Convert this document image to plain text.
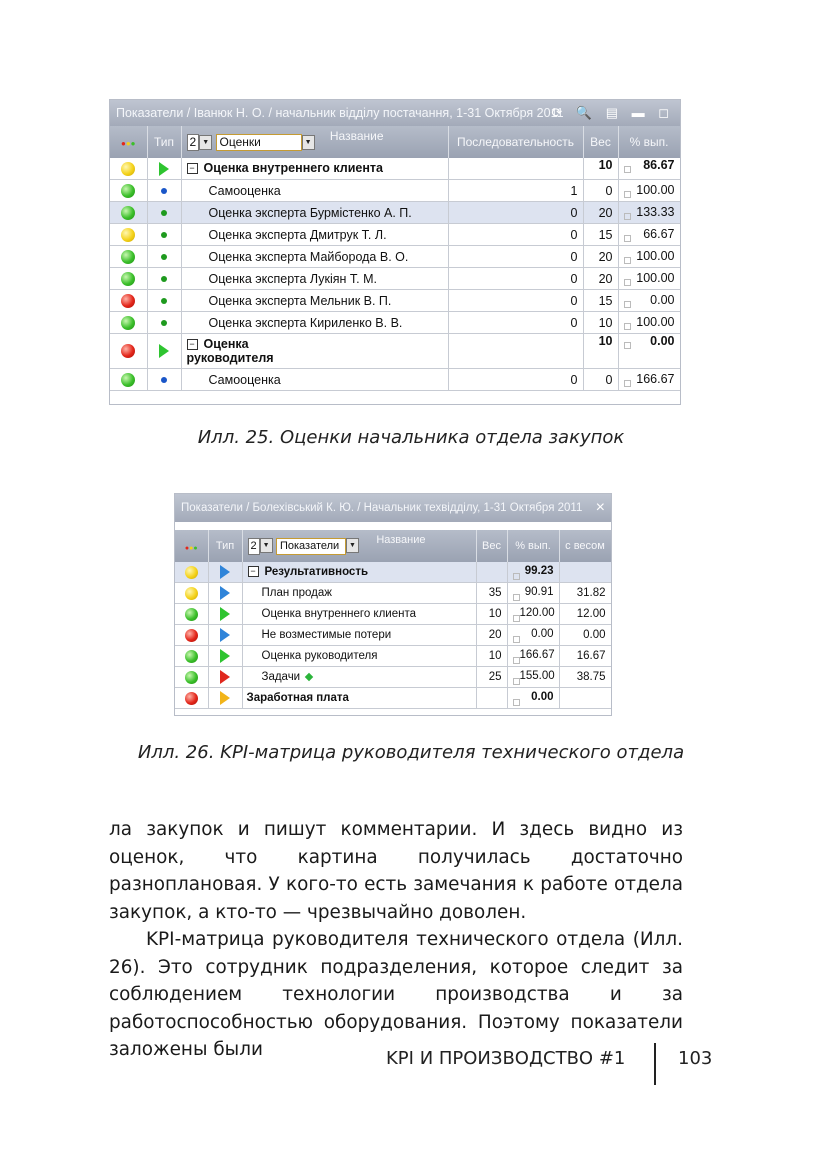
Показатели / Іванюк Н. О. / начальник відділу постачання, 1-31 Октября 2011
⟳ 🔍 ▤ ▬ ◻
●●●	Тип	2 ▼ Оценки ▼ Название	Последовательность	Вес	% вып.
		− Оценка внутреннего клиента		10	86.67
		Самооценка	1	0	100.00
		Оценка эксперта Бурмістенко А. П.	0	20	133.33
		Оценка эксперта Дмитрук Т. Л.	0	15	66.67
		Оценка эксперта Майборода В. О.	0	20	100.00
		Оценка эксперта Лукіян Т. М.	0	20	100.00
		Оценка эксперта Мельник В. П.	0	15	0.00
		Оценка эксперта Кириленко В. В.	0	10	100.00
		− Оценка руководителя		10	0.00
		Самооценка	0	0	166.67
Илл. 25. Оценки начальника отдела закупок
Показатели / Болехівський К. Ю. / Начальник техвідділу, 1-31 Октября 2011 ×
●●●	Тип	2 ▼ Показатели ▼ Название	Вес	% вып.	с весом
		− Результативность		99.23	
		План продаж	35	90.91	31.82
		Оценка внутреннего клиента	10	120.00	12.00
		Не возместимые потери	20	0.00	0.00
		Оценка руководителя	10	166.67	16.67
		Задачи	25	155.00	38.75
		Заработная плата		0.00	
Илл. 26. KPI-матрица руководителя технического отдела

ла закупок и пишут комментарии. И здесь видно из оценок, что картина получилась достаточно разноплановая. У кого-то есть замечания к работе отдела закупок, а кто-то — чрезвычайно доволен.

KPI-матрица руководителя технического отдела (Илл. 26). Это сотрудник подразделения, которое следит за соблюдением технологии производства и за работоспособностью оборудования. Поэтому показатели заложены были	KPI И ПРОИЗВОДСТВО #1	103
